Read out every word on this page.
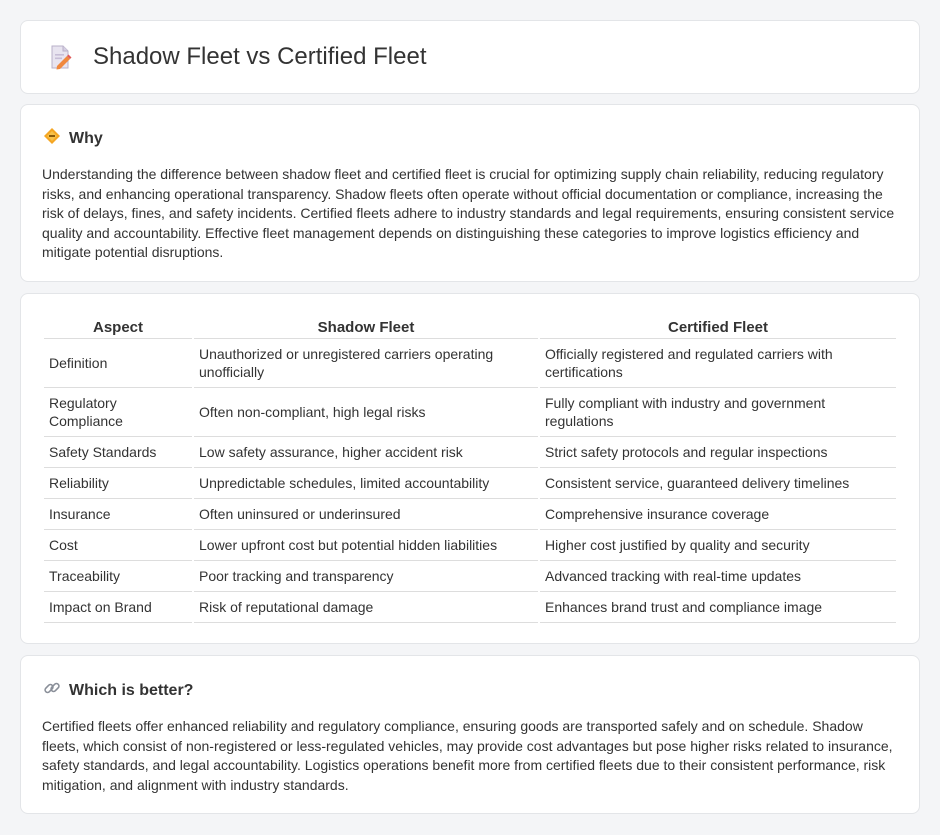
Shadow Fleet vs Certified Fleet
Why

Understanding the difference between shadow fleet and certified fleet is crucial for optimizing supply chain reliability, reducing regulatory risks, and enhancing operational transparency. Shadow fleets often operate without official documentation or compliance, increasing the risk of delays, fines, and safety incidents. Certified fleets adhere to industry standards and legal requirements, ensuring consistent service quality and accountability. Effective fleet management depends on distinguishing these categories to improve logistics efficiency and mitigate potential disruptions.

Aspect	Shadow Fleet	Certified Fleet
Definition	Unauthorized or unregistered carriers operating unofficially	Officially registered and regulated carriers with certifications
Regulatory Compliance	Often non-compliant, high legal risks	Fully compliant with industry and government regulations
Safety Standards	Low safety assurance, higher accident risk	Strict safety protocols and regular inspections
Reliability	Unpredictable schedules, limited accountability	Consistent service, guaranteed delivery timelines
Insurance	Often uninsured or underinsured	Comprehensive insurance coverage
Cost	Lower upfront cost but potential hidden liabilities	Higher cost justified by quality and security
Traceability	Poor tracking and transparency	Advanced tracking with real-time updates
Impact on Brand	Risk of reputational damage	Enhances brand trust and compliance image
Which is better?

Certified fleets offer enhanced reliability and regulatory compliance, ensuring goods are transported safely and on schedule. Shadow fleets, which consist of non-registered or less-regulated vehicles, may provide cost advantages but pose higher risks related to insurance, safety standards, and legal accountability. Logistics operations benefit more from certified fleets due to their consistent performance, risk mitigation, and alignment with industry standards.
